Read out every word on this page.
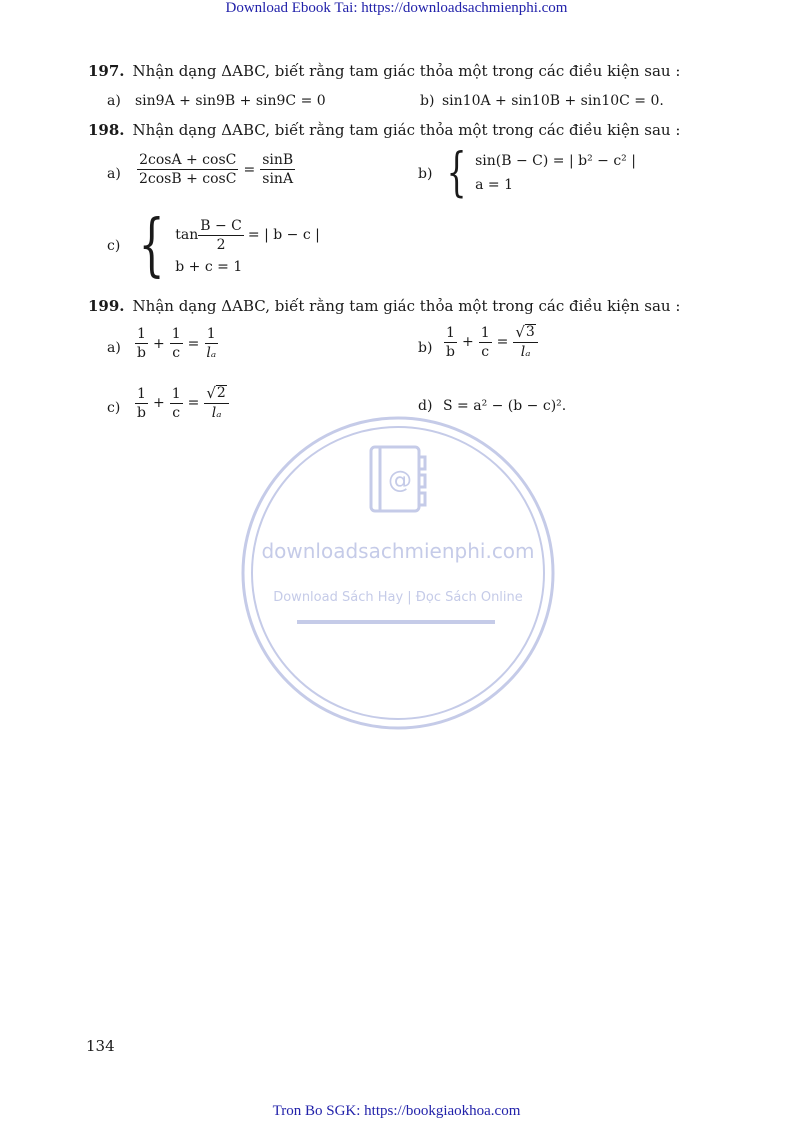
Download Ebook Tai: https://downloadsachmienphi.com
@
downloadsachmienphi.com
Download Sách Hay | Đọc Sách Online
197. Nhận dạng ΔABC, biết rằng tam giác thỏa một trong các điều kiện sau :
a) sin9A + sin9B + sin9C = 0	b) sin10A + sin10B + sin10C = 0.
198. Nhận dạng ΔABC, biết rằng tam giác thỏa một trong các điều kiện sau :
$a) \frac{2\cos A + \cos C}{2\cos B + \cos C} = \frac{\sin B}{\sin A}$	b) { sin(B − C) = | b² − c² |
a = 1
c) { $\tan \frac{B - C}{2}$ = | b − c |
b + c = 1
199. Nhận dạng ΔABC, biết rằng tam giác thỏa một trong các điều kiện sau :
$a) \frac{1}{b} + \frac{1}{c} = \frac{1}{\text{lₐ}}$	$b) \frac{1}{b} + \frac{1}{c} = \frac{√ 3}{\text{lₐ}}$
$c) \frac{1}{b} + \frac{1}{c} = \frac{√ 2}{\text{lₐ}}$	d) S = a² − (b − c)².
134
Tron Bo SGK: https://bookgiaokhoa.com
